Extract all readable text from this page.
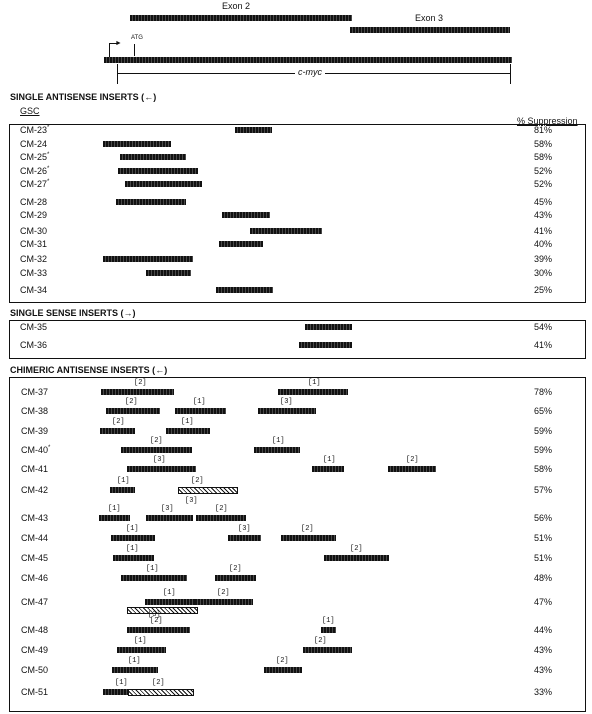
Exon 2
Exon 3
►
ATG
c-myc
SINGLE ANTISENSE INSERTS (←)
GSC
% Suppression
SINGLE SENSE INSERTS (→)
CHIMERIC ANTISENSE INSERTS (←)
CM-23*	81%
CM-24	58%
CM-25*	58%
CM-26*	52%
CM-27*	52%
CM-28	45%
CM-29	43%
CM-30	41%
CM-31	40%
CM-32	39%
CM-33	30%
CM-34	25%
CM-35	54%
CM-36	41%
CM-37	78%
[2]	[1]
CM-38	65%
[2]	[1]	[3]
CM-39	59%
[2]	[1]
CM-40*	59%
[2]	[1]
CM-41	58%
[3]	[1]	[2]
CM-42	57%
[1]	[2]
[3]
CM-43	56%
[1]	[3]	[2]
CM-44	51%
[1]	[3]	[2]
CM-45	51%
[1]	[2]
CM-46	48%
[1]	[2]
CM-47	47%
[1]	[2]
[3]
CM-48	44%
[2]	[1]
CM-49	43%
[1]	[2]
CM-50	43%
[1]	[2]
CM-51	33%
[1]	[2]
